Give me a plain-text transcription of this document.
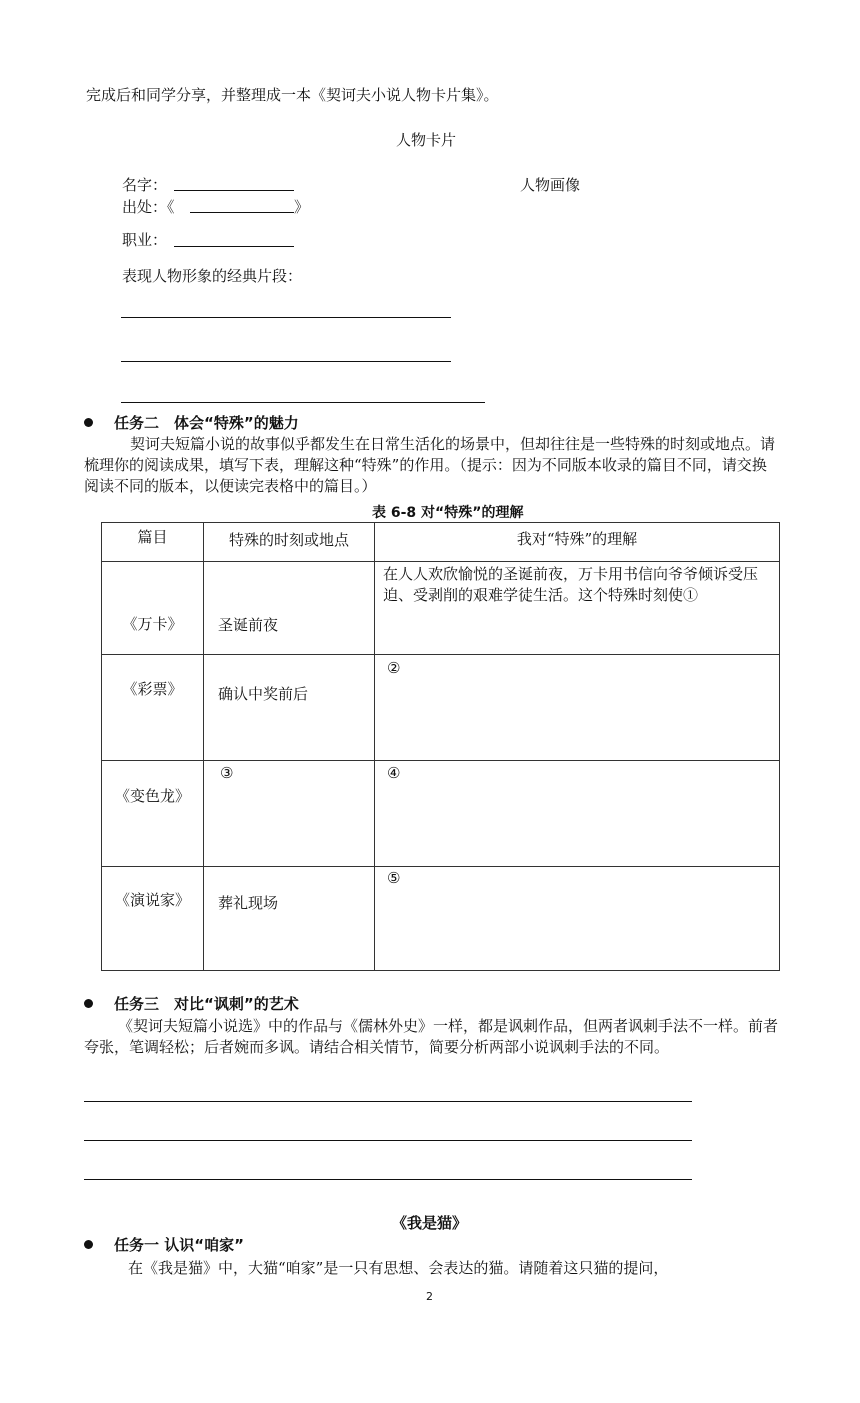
完成后和同学分享，并整理成一本《契诃夫小说人物卡片集》。
人物卡片
名字：	人物画像
出处：《	》
职业：
表现人物形象的经典片段：
任务二　体会“特殊”的魅力
契诃夫短篇小说的故事似乎都发生在日常生活化的场景中，但却往往是一些特殊的时刻或地点。请梳理你的阅读成果，填写下表，理解这种“特殊”的作用。（提示：因为不同版本收录的篇目不同，请交换阅读不同的版本，以便读完表格中的篇目。）
表 6-8 对“特殊”的理解
篇目	特殊的时刻或地点	我对“特殊”的理解
《万卡》	圣诞前夜	在人人欢欣愉悦的圣诞前夜，万卡用书信向爷爷倾诉受压迫、受剥削的艰难学徒生活。这个特殊时刻使①
《彩票》	确认中奖前后	②
《变色龙》	③	④
《演说家》	葬礼现场	⑤
任务三　对比“讽刺”的艺术
《契诃夫短篇小说选》中的作品与《儒林外史》一样，都是讽刺作品，但两者讽刺手法不一样。前者夸张，笔调轻松；后者婉而多讽。请结合相关情节，简要分析两部小说讽刺手法的不同。
《我是猫》
任务一 认识“咱家”
在《我是猫》中，大猫“咱家”是一只有思想、会表达的猫。请随着这只猫的提问，
2
